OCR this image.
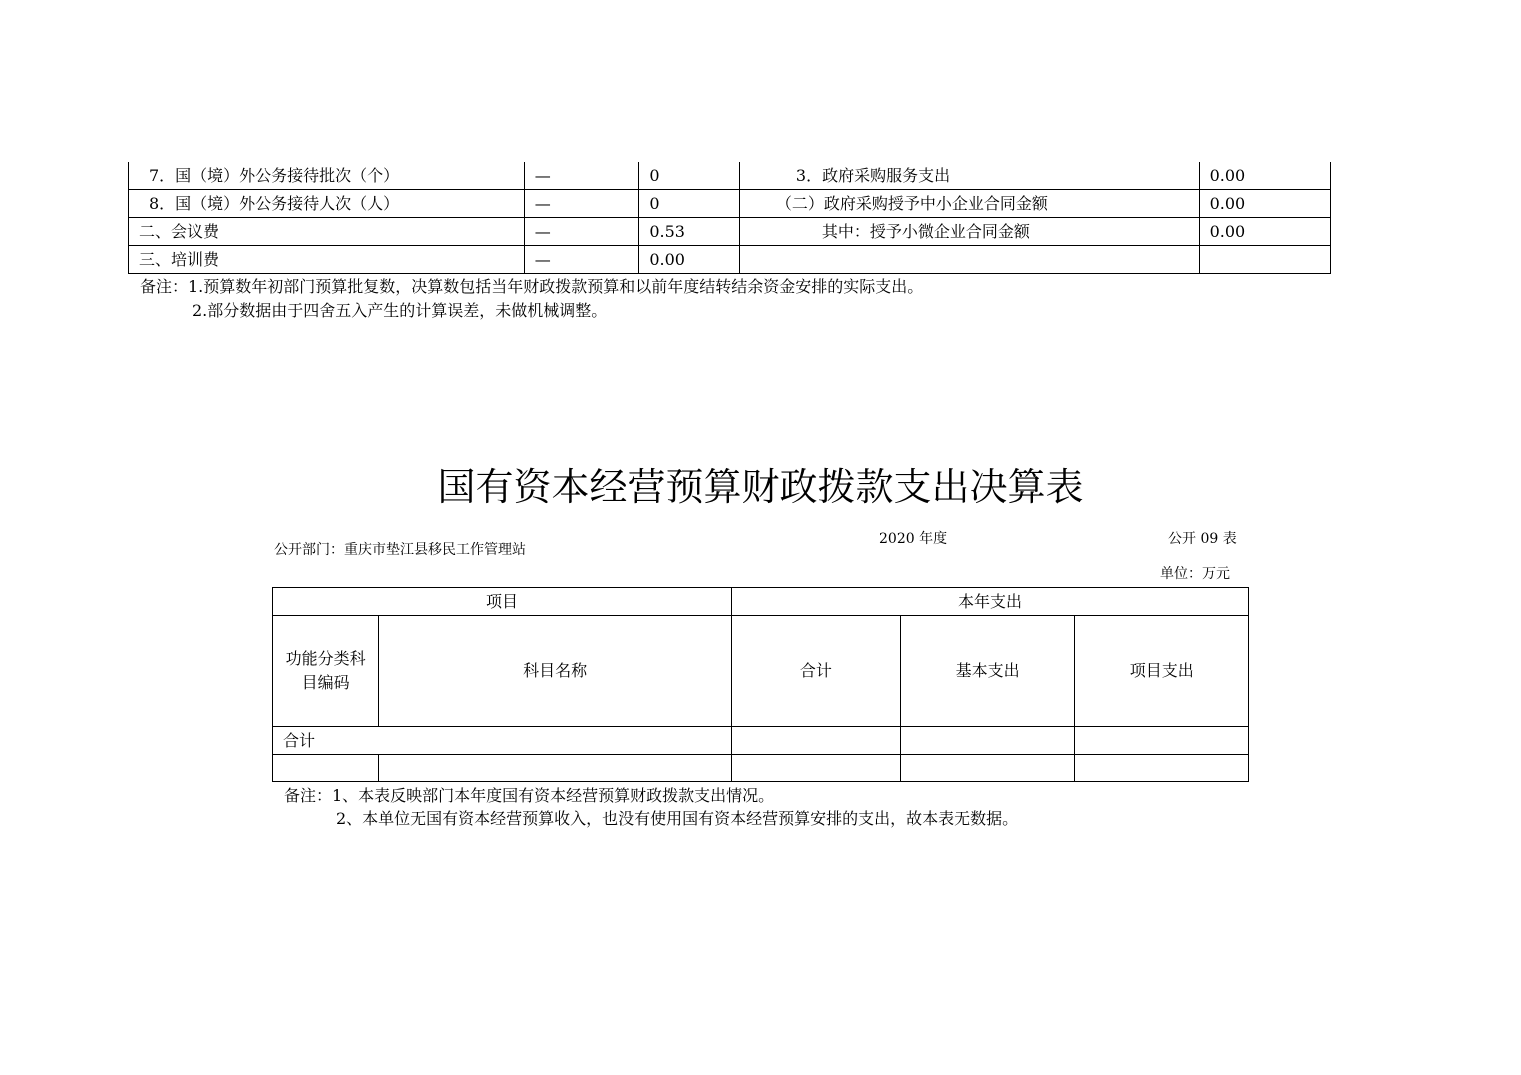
7．国（境）外公务接待批次（个）	—	0	3．政府采购服务支出	0.00
8．国（境）外公务接待人次（人）	—	0	（二）政府采购授予中小企业合同金额	0.00
二、会议费	—	0.53	其中：授予小微企业合同金额	0.00
三、培训费	—	0.00		
备注：1.预算数年初部门预算批复数，决算数包括当年财政拨款预算和以前年度结转结余资金安排的实际支出。
2.部分数据由于四舍五入产生的计算误差，未做机械调整。
国有资本经营预算财政拨款支出决算表
公开部门：重庆市垫江县移民工作管理站
2020 年度	公开 09 表
单位：万元
项目		本年支出		

功能分类科目编码	科目名称	合计	基本支出	项目支出
合计				

备注：1、本表反映部门本年度国有资本经营预算财政拨款支出情况。
2、本单位无国有资本经营预算收入，也没有使用国有资本经营预算安排的支出，故本表无数据。
